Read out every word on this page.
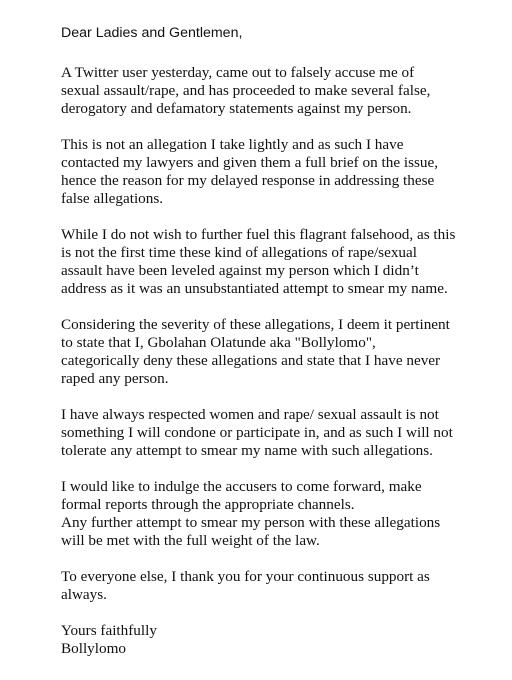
Dear Ladies and Gentlemen,
A Twitter user yesterday, came out to falsely accuse me of
sexual assault/rape, and has proceeded to make several false,
derogatory and defamatory statements against my person.
This is not an allegation I take lightly and as such I have
contacted my lawyers and given them a full brief on the issue,
hence the reason for my delayed response in addressing these
false allegations.
While I do not wish to further fuel this flagrant falsehood, as this
is not the first time these kind of allegations of rape/sexual
assault have been leveled against my person which I didn’t
address as it was an unsubstantiated attempt to smear my name.
Considering the severity of these allegations, I deem it pertinent
to state that I, Gbolahan Olatunde aka "Bollylomo",
categorically deny these allegations and state that I have never
raped any person.
I have always respected women and rape/ sexual assault is not
something I will condone or participate in, and as such I will not
tolerate any attempt to smear my name with such allegations.
I would like to indulge the accusers to come forward, make
formal reports through the appropriate channels.
Any further attempt to smear my person with these allegations
will be met with the full weight of the law.
To everyone else, I thank you for your continuous support as
always.
Yours faithfully
Bollylomo
